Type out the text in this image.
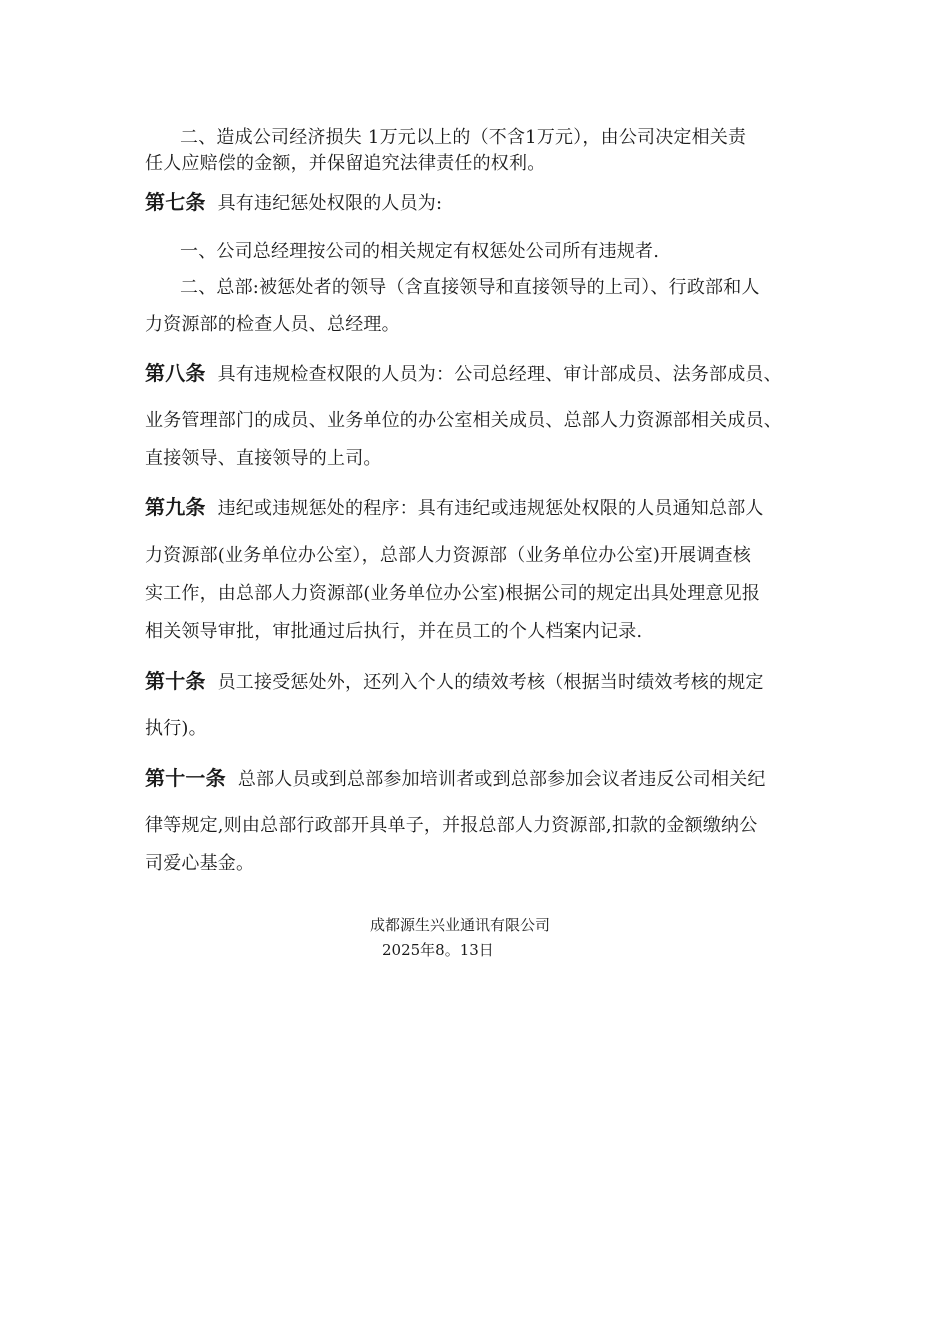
二、造成公司经济损失 1万元以上的（不含1万元），由公司决定相关责
任人应赔偿的金额，并保留追究法律责任的权利。
第七条 具有违纪惩处权限的人员为:
一、公司总经理按公司的相关规定有权惩处公司所有违规者.
二、总部:被惩处者的领导（含直接领导和直接领导的上司）、行政部和人
力资源部的检查人员、总经理。
第八条 具有违规检查权限的人员为：公司总经理、审计部成员、法务部成员、
业务管理部门的成员、业务单位的办公室相关成员、总部人力资源部相关成员、
直接领导、直接领导的上司。
第九条 违纪或违规惩处的程序：具有违纪或违规惩处权限的人员通知总部人
力资源部(业务单位办公室），总部人力资源部（业务单位办公室)开展调查核
实工作，由总部人力资源部(业务单位办公室)根据公司的规定出具处理意见报
相关领导审批，审批通过后执行，并在员工的个人档案内记录.
第十条 员工接受惩处外，还列入个人的绩效考核（根据当时绩效考核的规定
执行)。
第十一条 总部人员或到总部参加培训者或到总部参加会议者违反公司相关纪
律等规定,则由总部行政部开具单子，并报总部人力资源部,扣款的金额缴纳公
司爱心基金。
成都源生兴业通讯有限公司
2025年8。13日
